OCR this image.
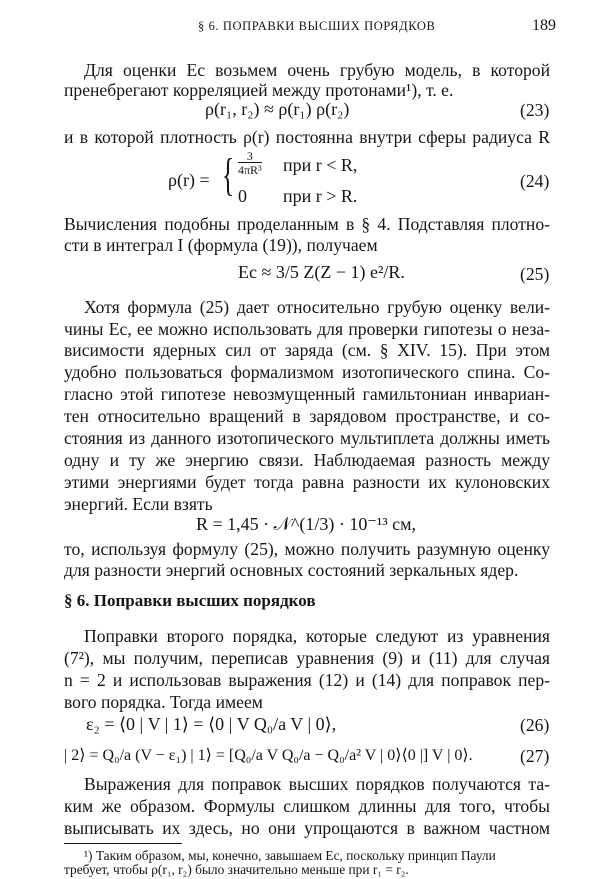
§ 6. ПОПРАВКИ ВЫСШИХ ПОРЯДКОВ	189
Для оценки Eс возьмем очень грубую модель, в которой
пренебрегают корреляцией между протонами¹), т. е.
ρ(r₁, r₂) ≈ ρ(r₁) ρ(r₂)	(23)
и в которой плотность ρ(r) постоянна внутри сферы радиуса R
ρ(r) = {	3
4πR³ при r < R,
0 при r > R.
(24)
Вычисления подобны проделанным в § 4. Подставляя плотно-
сти в интеграл I (формула (19)), получаем
Eс ≈ 3/5 Z(Z − 1) e²/R.	(25)
Хотя формула (25) дает относительно грубую оценку вели-
чины Eс, ее можно использовать для проверки гипотезы о неза-
висимости ядерных сил от заряда (см. § XIV. 15). При этом
удобно пользоваться формализмом изотопического спина. Со-
гласно этой гипотезе невозмущенный гамильтониан инвариан-
тен относительно вращений в зарядовом пространстве, и со-
стояния из данного изотопического мультиплета должны иметь
одну и ту же энергию связи. Наблюдаемая разность между
этими энергиями будет тогда равна разности их кулоновских
энергий. Если взять
R = 1,45 · 𝒩^(1/3) · 10⁻¹³ см,
то, используя формулу (25), можно получить разумную оценку
для разности энергий основных состояний зеркальных ядер.
§ 6. Поправки высших порядков
Поправки второго порядка, которые следуют из уравнения
(7²), мы получим, переписав уравнения (9) и (11) для случая
n = 2 и использовав выражения (12) и (14) для поправок пер-
вого порядка. Тогда имеем
ε₂ = ⟨0 | V | 1⟩ = ⟨0 | V Q₀/a V | 0⟩,	(26)
| 2⟩ = Q₀/a (V − ε₁) | 1⟩ = [Q₀/a V Q₀/a − Q₀/a² V | 0⟩⟨0 |] V | 0⟩.	(27)
Выражения для поправок высших порядков получаются та-
ким же образом. Формулы слишком длинны для того, чтобы
выписывать их здесь, но они упрощаются в важном частном
¹) Таким образом, мы, конечно, завышаем Eс, поскольку принцип Паули
требует, чтобы ρ(r₁, r₂) было значительно меньше при r₁ = r₂.
